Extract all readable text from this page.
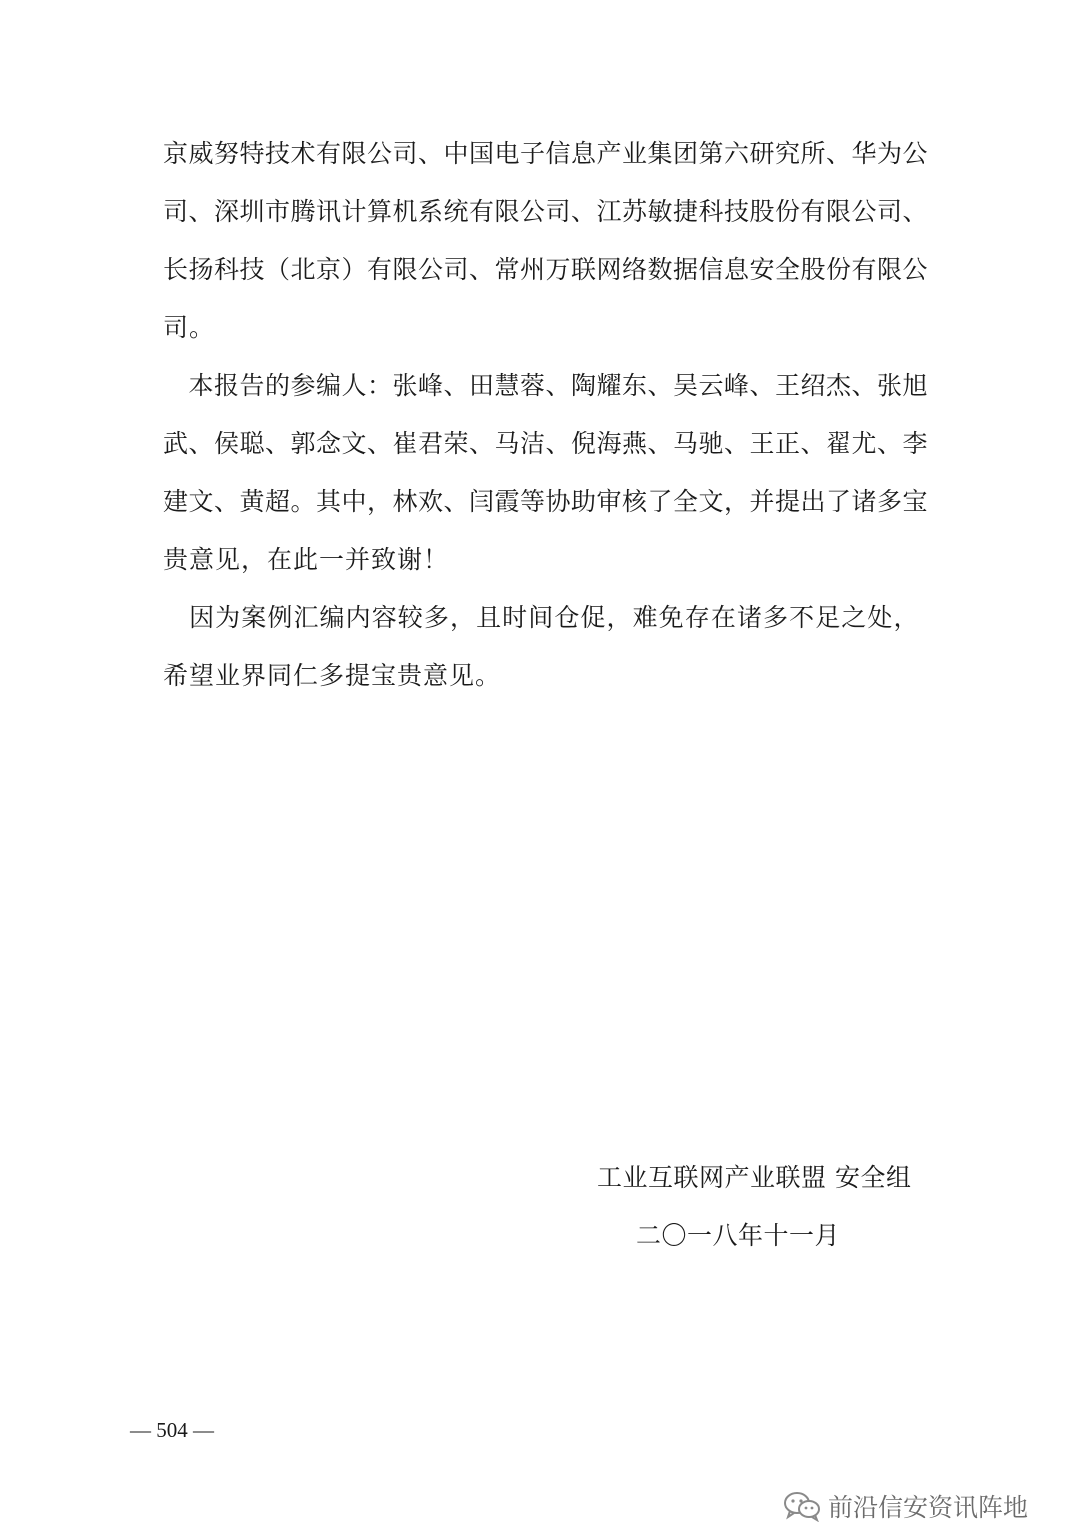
京威努特技术有限公司、中国电子信息产业集团第六研究所、华为公
司、深圳市腾讯计算机系统有限公司、江苏敏捷科技股份有限公司、
长扬科技（北京）有限公司、常州万联网络数据信息安全股份有限公
司。
　本报告的参编人：张峰、田慧蓉、陶耀东、吴云峰、王绍杰、张旭
武、侯聪、郭念文、崔君荣、马洁、倪海燕、马驰、王正、翟尤、李
建文、黄超。其中，林欢、闫霞等协助审核了全文，并提出了诸多宝
贵意见，在此一并致谢！
　因为案例汇编内容较多，且时间仓促，难免存在诸多不足之处，
希望业界同仁多提宝贵意见。
工业互联网产业联盟 安全组
二〇一八年十一月
— 504 —
前沿信安资讯阵地
